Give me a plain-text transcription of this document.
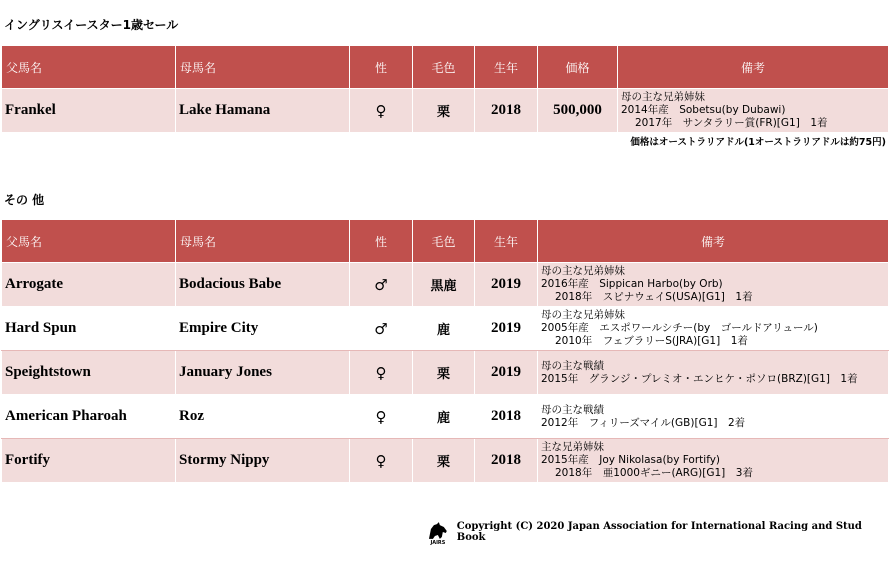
イングリスイースター1歳セール
父馬名	母馬名	性	毛色	生年	価格	備考
Frankel	Lake Hamana	♀	栗	2018	500,000	母の主な兄弟姉妹
2014年産　Sobetsu(by Dubawi)
2017年　サンタラリー賞(FR)[G1]　1着
価格はオーストラリアドル(1オーストラリアドルは約75円)
その 他
父馬名	母馬名	性	毛色	生年	備考
Arrogate	Bodacious Babe	♂	黒鹿	2019	母の主な兄弟姉妹
2016年産　Sippican Harbo(by Orb)
2018年　スピナウェイS(USA)[G1]　1着

Hard Spun	Empire City	♂	鹿	2019	母の主な兄弟姉妹
2005年産　エスポワールシチー(by　ゴールドアリュール)
2010年　フェブラリーS(JRA)[G1]　1着

Speightstown	January Jones	♀	栗	2019	母の主な戦績
2015年　グランジ・プレミオ・エンヒケ・ポソロ(BRZ)[G1]　1着

American Pharoah	Roz	♀	鹿	2018	母の主な戦績
2012年　フィリーズマイル(GB)[G1]　2着

Fortify	Stormy Nippy	♀	栗	2018	主な兄弟姉妹
2015年産　Joy Nikolasa(by Fortify)
2018年　亜1000ギニー(ARG)[G1]　3着
JAIRS
Copyright (C) 2020 Japan Association for International Racing and Stud Book
